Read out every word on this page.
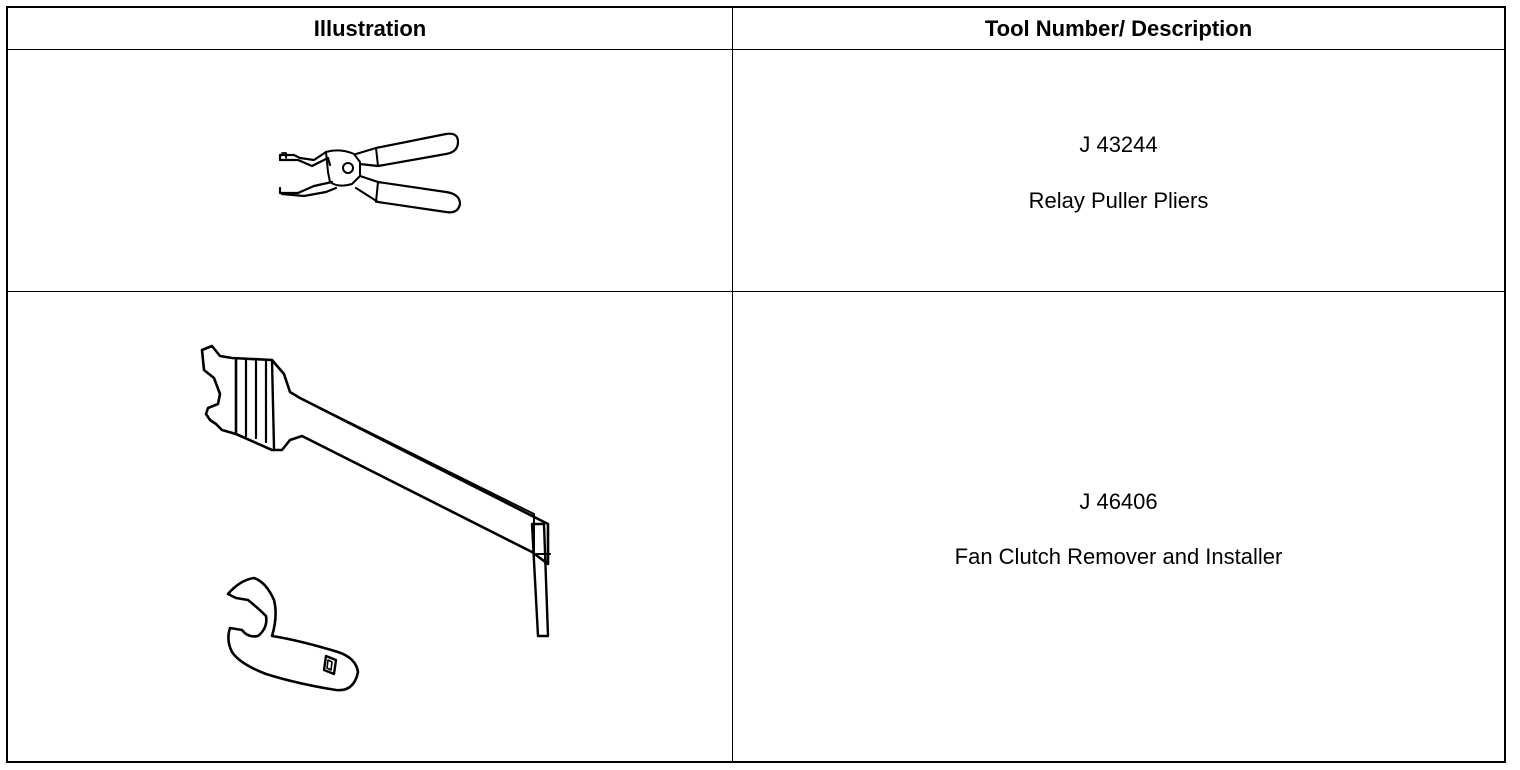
Illustration	Tool Number/ Description
J 43244
Relay Puller Pliers
J 46406
Fan Clutch Remover and Installer
